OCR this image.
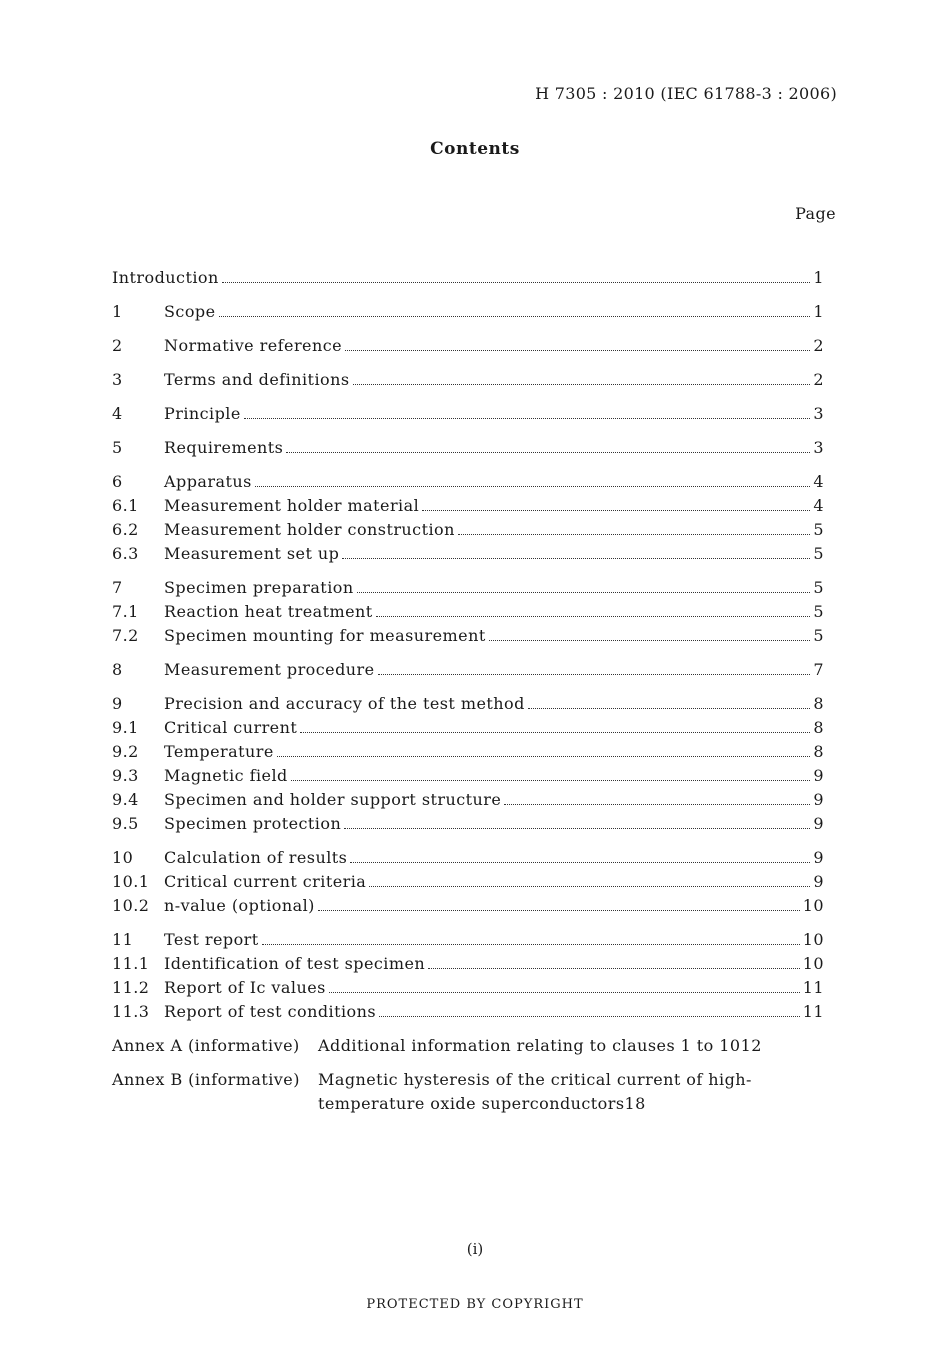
H 7305 : 2010 (IEC 61788-3 : 2006)
Contents
Page
Introduction	1
1	Scope	1
2	Normative reference	2
3	Terms and definitions	2
4	Principle	3
5	Requirements	3
6	Apparatus	4
6.1 Measurement holder material	4
6.2 Measurement holder construction	5
6.3 Measurement set up	5
7	Specimen preparation	5
7.1 Reaction heat treatment	5
7.2 Specimen mounting for measurement	5
8	Measurement procedure	7
9	Precision and accuracy of the test method	8
9.1 Critical current	8
9.2 Temperature	8
9.3 Magnetic field	9
9.4 Specimen and holder support structure	9
9.5 Specimen protection	9
10 Calculation of results	9
10.1 Critical current criteria	9
10.2 n-value (optional)	10
11 Test report	10
11.1 Identification of test specimen	10
11.2 Report of Ic values	11
11.3 Report of test conditions	11
Annex A (informative) Additional information relating to clauses 1 to 10 12
Annex B (informative) Magnetic hysteresis of the critical current of high-
temperature oxide superconductors 18
(i)
PROTECTED BY COPYRIGHT
